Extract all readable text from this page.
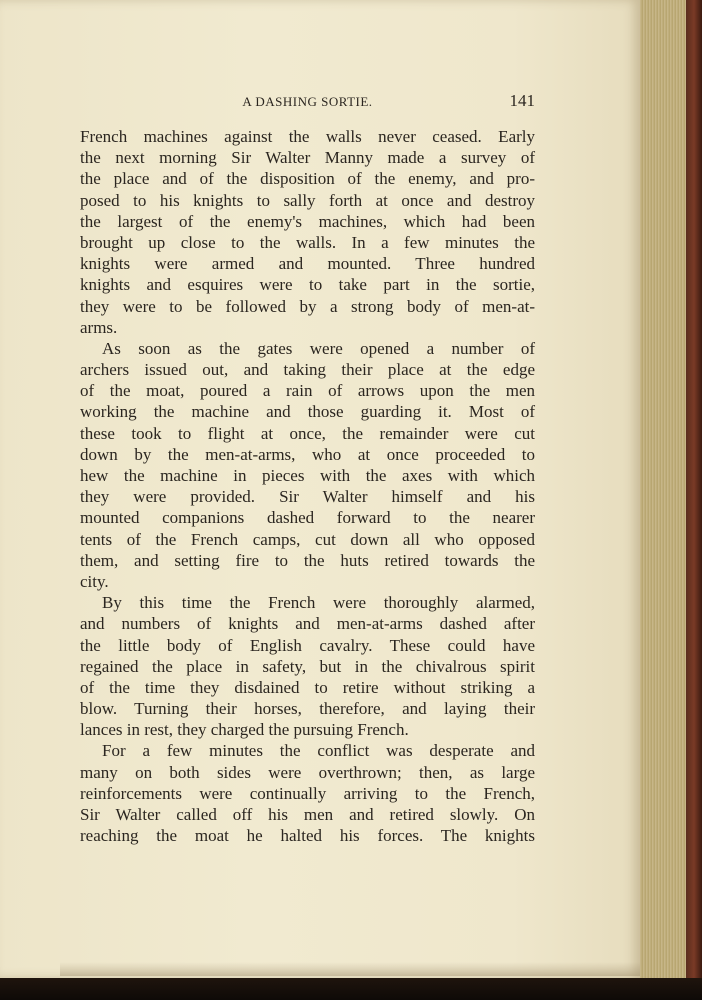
A DASHING SORTIE.	141
French machines against the walls never ceased. Early
the next morning Sir Walter Manny made a survey of
the place and of the disposition of the enemy, and pro-
posed to his knights to sally forth at once and destroy
the largest of the enemy's machines, which had been
brought up close to the walls. In a few minutes the
knights were armed and mounted. Three hundred
knights and esquires were to take part in the sortie,
they were to be followed by a strong body of men-at-
arms.
As soon as the gates were opened a number of
archers issued out, and taking their place at the edge
of the moat, poured a rain of arrows upon the men
working the machine and those guarding it. Most of
these took to flight at once, the remainder were cut
down by the men-at-arms, who at once proceeded to
hew the machine in pieces with the axes with which
they were provided. Sir Walter himself and his
mounted companions dashed forward to the nearer
tents of the French camps, cut down all who opposed
them, and setting fire to the huts retired towards the
city.
By this time the French were thoroughly alarmed,
and numbers of knights and men-at-arms dashed after
the little body of English cavalry. These could have
regained the place in safety, but in the chivalrous spirit
of the time they disdained to retire without striking a
blow. Turning their horses, therefore, and laying their
lances in rest, they charged the pursuing French.
For a few minutes the conflict was desperate and
many on both sides were overthrown; then, as large
reinforcements were continually arriving to the French,
Sir Walter called off his men and retired slowly. On
reaching the moat he halted his forces. The knights
